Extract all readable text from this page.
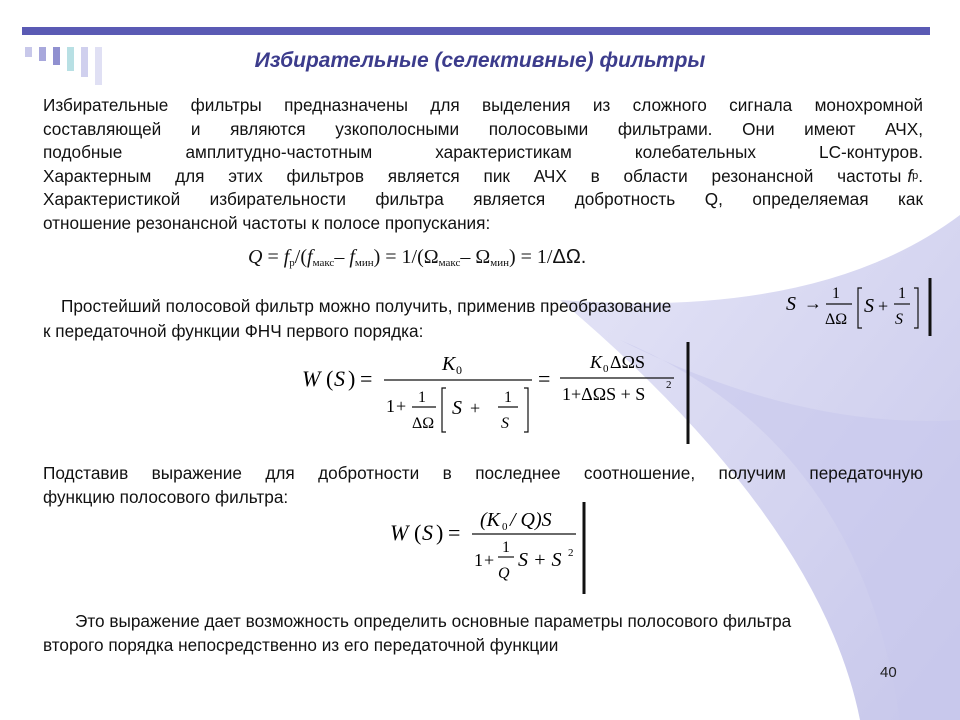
Избирательные (селективные) фильтры
Избирательные фильтры предназначены для выделения из сложного сигнала монохромной
составляющей и являются узкополосными полосовыми фильтрами. Они имеют АЧХ,
подобные амплитудно-частотным характеристикам колебательных LC-контуров.
Характерным для этих фильтров является пик АЧХ в области резонансной частоты f р .
Характеристикой избирательности фильтра является добротность Q, определяемая как
отношение резонансной частоты к полосе пропускания:
$Q = f_р/(f_{макс}-$ $f_{мин}) = 1/(\Omega_{макс}-$ $\Omega_{мин}) = 1/\Delta\Omega$.
Простейший полосовой фильтр можно получить, применив преобразование
к передаточной функции ФНЧ первого порядка:
S → 1
ΔΩ
S +
1
S
W ( S ) =
K 0
1 + 1
ΔΩ
S +
1
S
=
K 0 ΔΩS
1+ΔΩS + S 2
Подставив выражение для добротности в последнее соотношение, получим передаточную
функцию полосового фильтра:
W ( S ) = (K 0 / Q)S
1 +
1
Q
S + S 2
Это выражение дает возможность определить основные параметры полосового фильтра
второго порядка непосредственно из его передаточной функции
40
